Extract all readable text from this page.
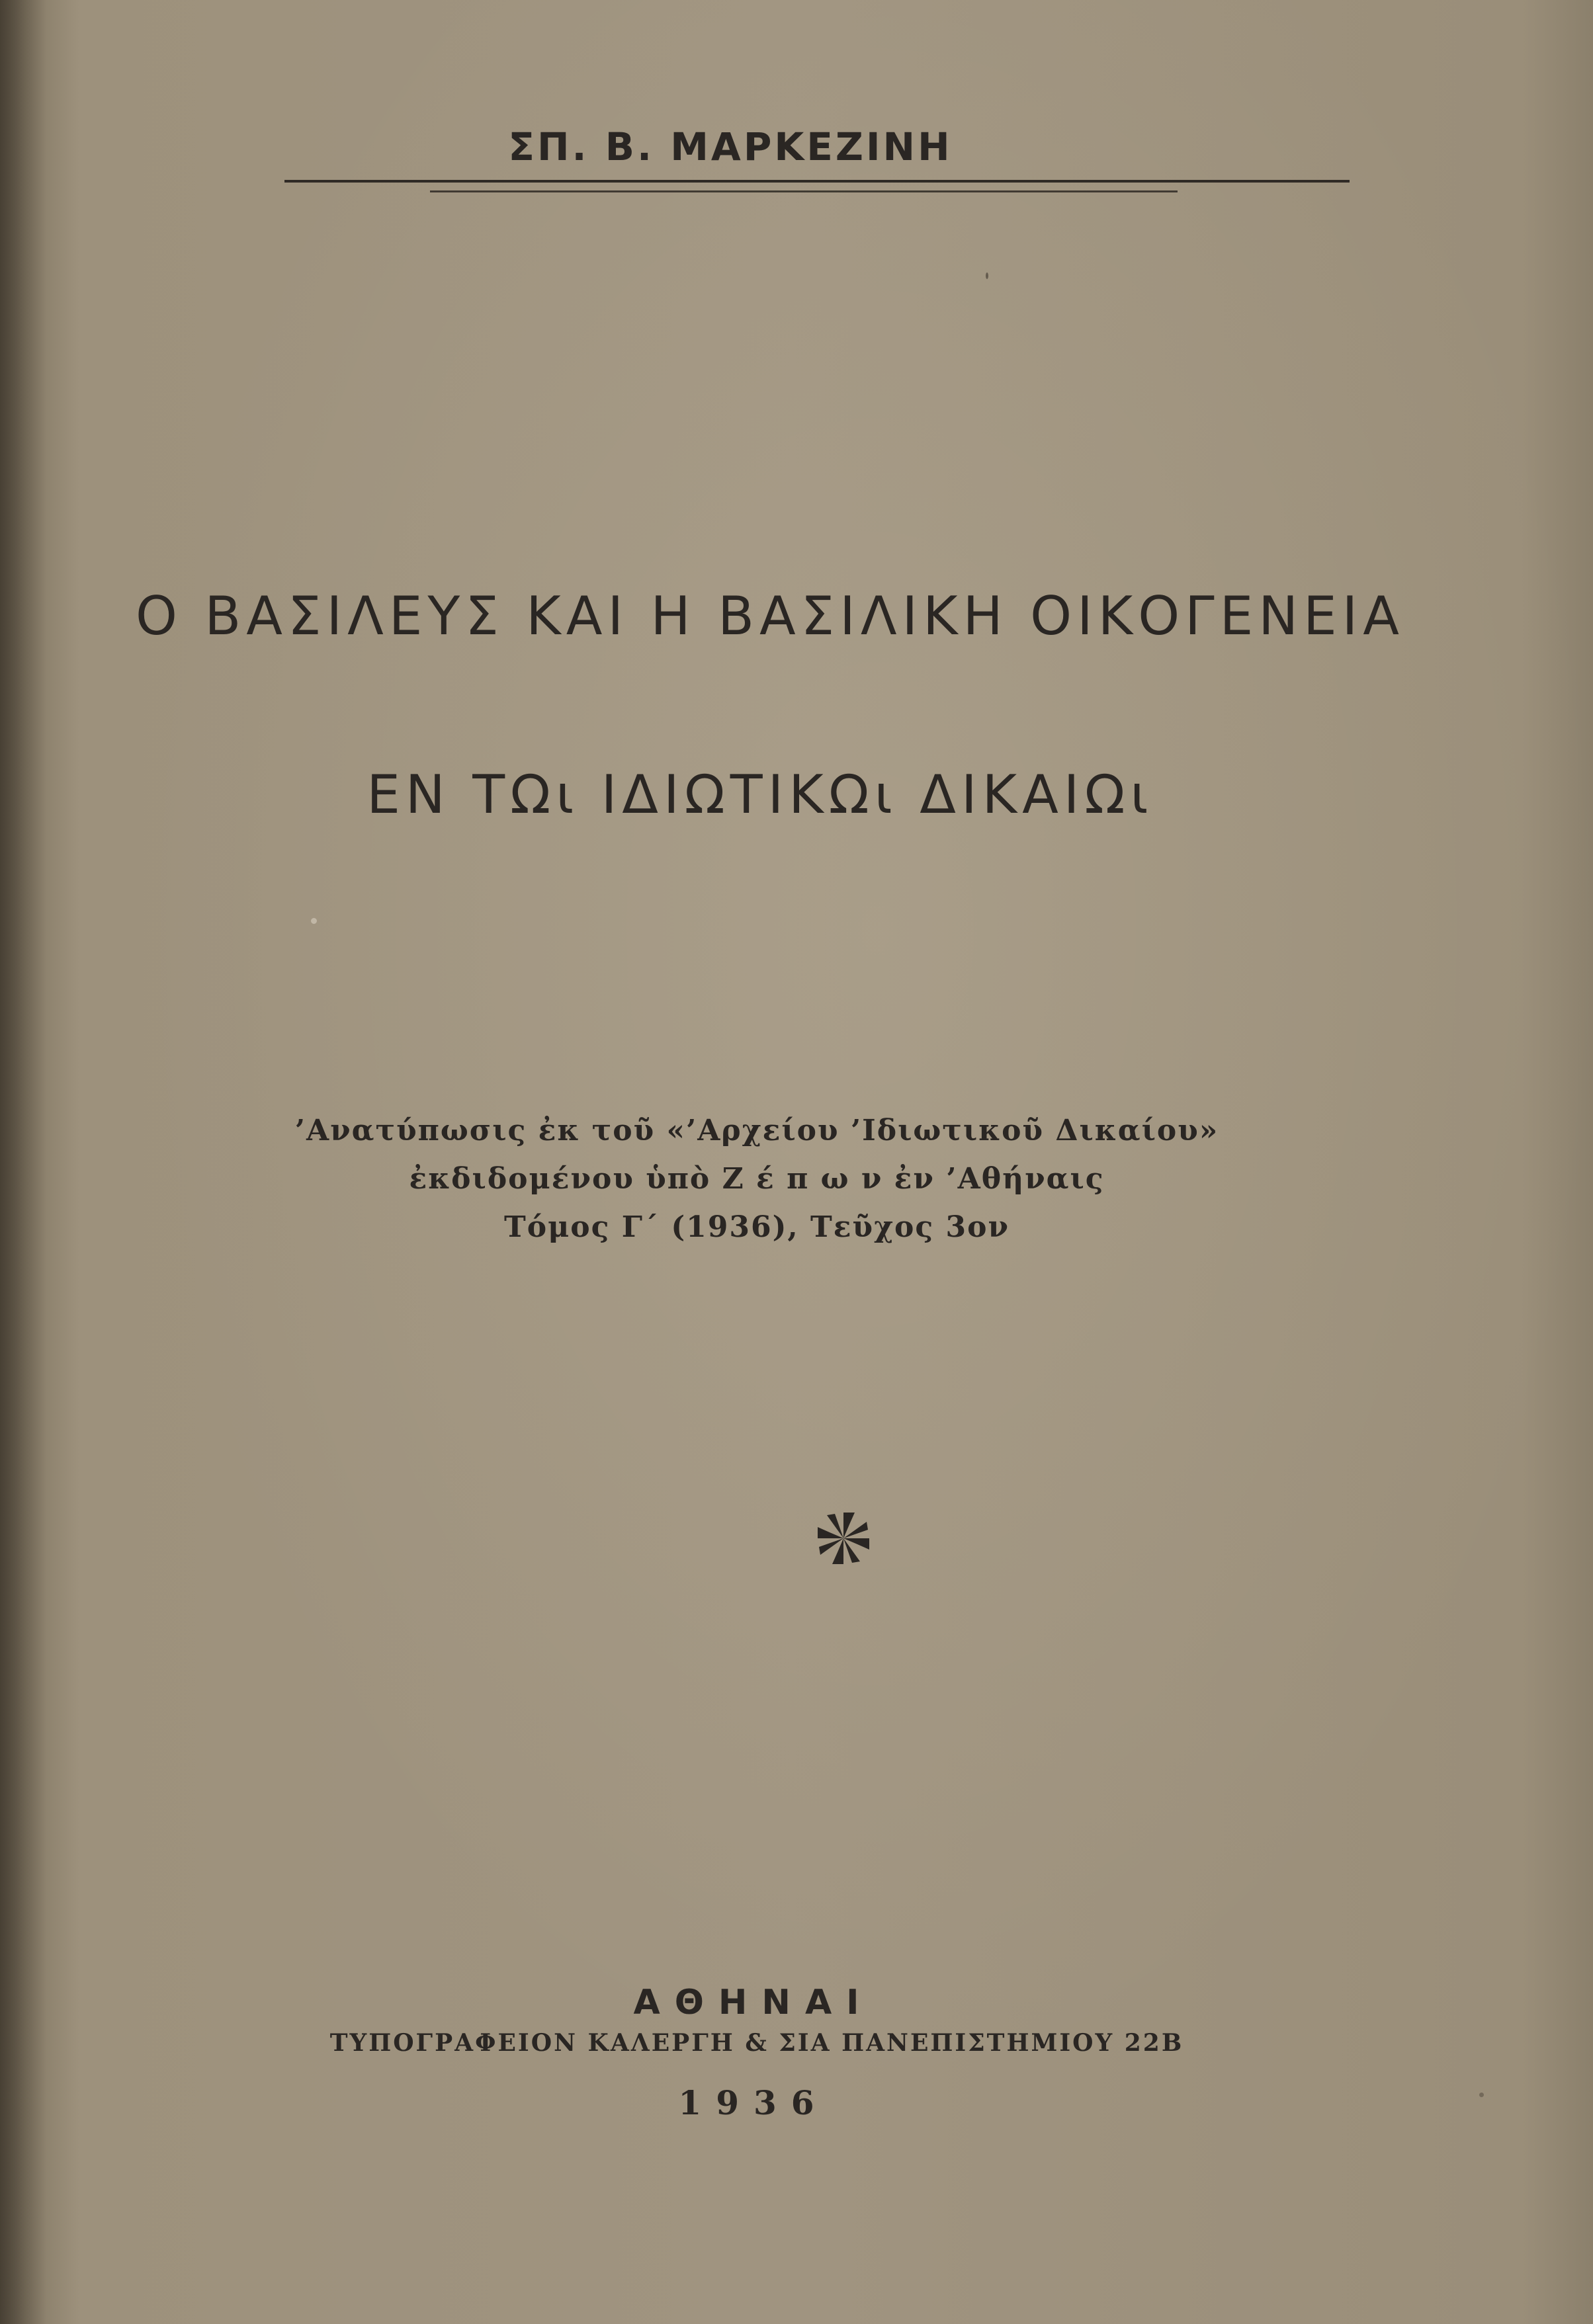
ΣΠ. Β. ΜΑΡΚΕΖΙΝΗ
Ο ΒΑΣΙΛΕΥΣ ΚΑΙ Η ΒΑΣΙΛΙΚΗ ΟΙΚΟΓΕΝΕΙΑ
ΕΝ ΤΩι ΙΔΙΩΤΙΚΩι ΔΙΚΑΙΩι
’Ανατύπωσις ἐκ τοῦ «’Αρχείου ’Ιδιωτικοῦ Δικαίου»
ἐκδιδομένου ὑπὸ Ζ έ π ω ν ἐν ’Αθήναις
Τόμος Γ΄ (1936), Τεῦχος 3ον
ΑΘΗΝΑΙ
ΤΥΠΟΓΡΑΦΕΙΟΝ ΚΑΛΕΡΓΗ & ΣΙΑ ΠΑΝΕΠΙΣΤΗΜΙΟΥ 22Β
1936
